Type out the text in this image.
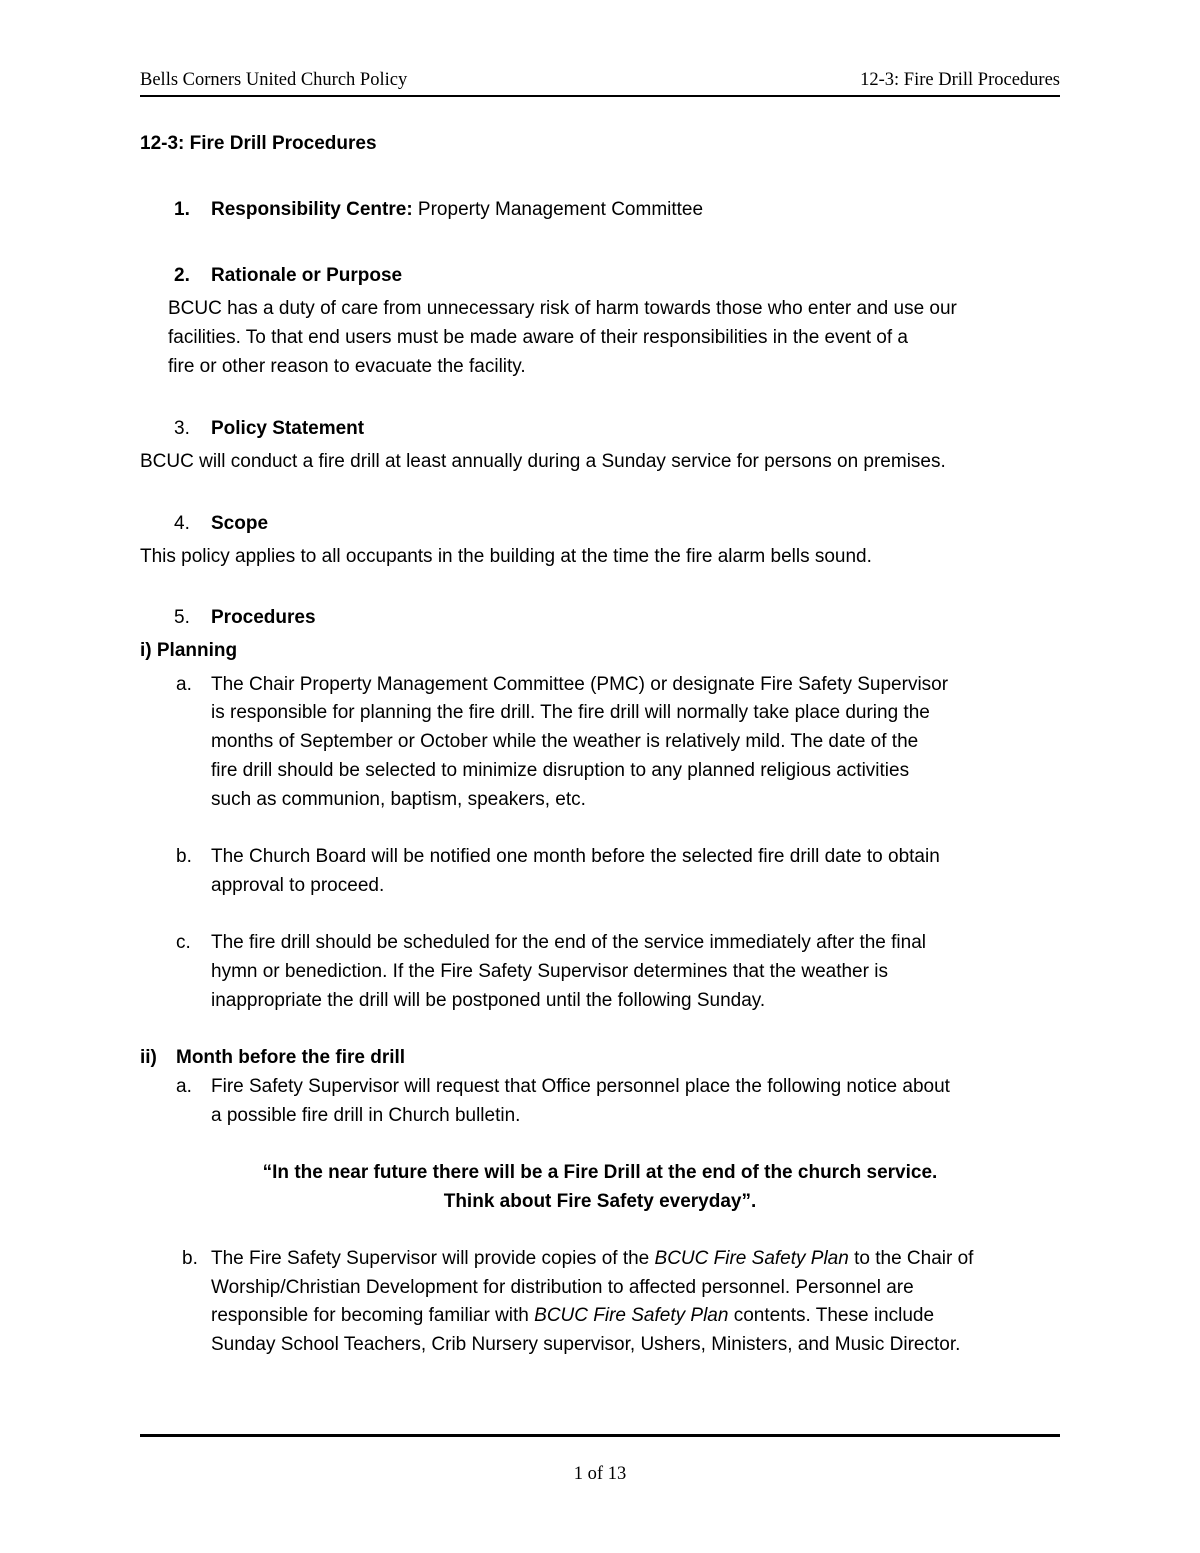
Bells Corners United Church Policy	12-3: Fire Drill Procedures
12-3: Fire Drill Procedures
1. Responsibility Centre: Property Management Committee
2. Rationale or Purpose
BCUC has a duty of care from unnecessary risk of harm towards those who enter and use our
facilities. To that end users must be made aware of their responsibilities in the event of a
fire or other reason to evacuate the facility.
3. Policy Statement
BCUC will conduct a fire drill at least annually during a Sunday service for persons on premises.
4. Scope
This policy applies to all occupants in the building at the time the fire alarm bells sound.
5. Procedures
i) Planning
a. The Chair Property Management Committee (PMC) or designate Fire Safety Supervisor
is responsible for planning the fire drill. The fire drill will normally take place during the
months of September or October while the weather is relatively mild. The date of the
fire drill should be selected to minimize disruption to any planned religious activities
such as communion, baptism, speakers, etc.
b. The Church Board will be notified one month before the selected fire drill date to obtain
approval to proceed.
c. The fire drill should be scheduled for the end of the service immediately after the final
hymn or benediction. If the Fire Safety Supervisor determines that the weather is
inappropriate the drill will be postponed until the following Sunday.
ii) Month before the fire drill
a. Fire Safety Supervisor will request that Office personnel place the following notice about
a possible fire drill in Church bulletin.
“In the near future there will be a Fire Drill at the end of the church service.
Think about Fire Safety everyday”.
b. The Fire Safety Supervisor will provide copies of the BCUC Fire Safety Plan to the Chair of
Worship/Christian Development for distribution to affected personnel. Personnel are
responsible for becoming familiar with BCUC Fire Safety Plan contents. These include
Sunday School Teachers, Crib Nursery supervisor, Ushers, Ministers, and Music Director.
1 of 13
